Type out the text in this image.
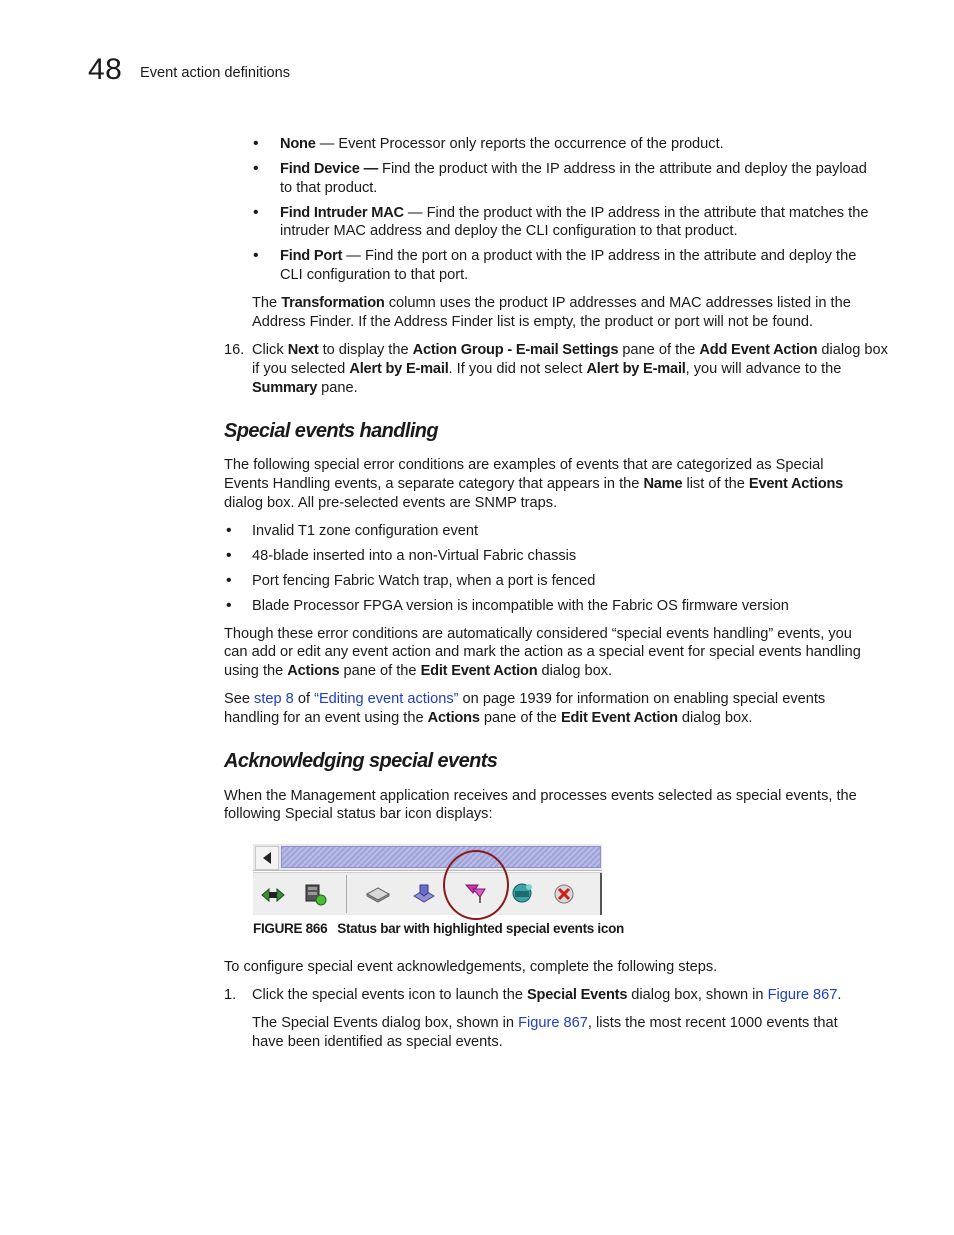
48 Event action definitions
• None — Event Processor only reports the occurrence of the product.
• Find Device — Find the product with the IP address in the attribute and deploy the payload
to that product.
• Find Intruder MAC — Find the product with the IP address in the attribute that matches the
intruder MAC address and deploy the CLI configuration to that product.
• Find Port — Find the port on a product with the IP address in the attribute and deploy the
CLI configuration to that port.
The Transformation column uses the product IP addresses and MAC addresses listed in the
Address Finder. If the Address Finder list is empty, the product or port will not be found.
16. Click Next to display the Action Group - E-mail Settings pane of the Add Event Action dialog box
if you selected Alert by E-mail. If you did not select Alert by E-mail, you will advance to the
Summary pane.
Special events handling
The following special error conditions are examples of events that are categorized as Special
Events Handling events, a separate category that appears in the Name list of the Event Actions
dialog box. All pre-selected events are SNMP traps.
• Invalid T1 zone configuration event
• 48-blade inserted into a non-Virtual Fabric chassis
• Port fencing Fabric Watch trap, when a port is fenced
• Blade Processor FPGA version is incompatible with the Fabric OS firmware version
Though these error conditions are automatically considered “special events handling” events, you
can add or edit any event action and mark the action as a special event for special events handling
using the Actions pane of the Edit Event Action dialog box.
See step 8 of “Editing event actions” on page 1939 for information on enabling special events
handling for an event using the Actions pane of the Edit Event Action dialog box.
Acknowledging special events
When the Management application receives and processes events selected as special events, the
following Special status bar icon displays:
FIGURE 866 Status bar with highlighted special events icon
To configure special event acknowledgements, complete the following steps.
1. Click the special events icon to launch the Special Events dialog box, shown in Figure 867.
The Special Events dialog box, shown in Figure 867, lists the most recent 1000 events that
have been identified as special events.
